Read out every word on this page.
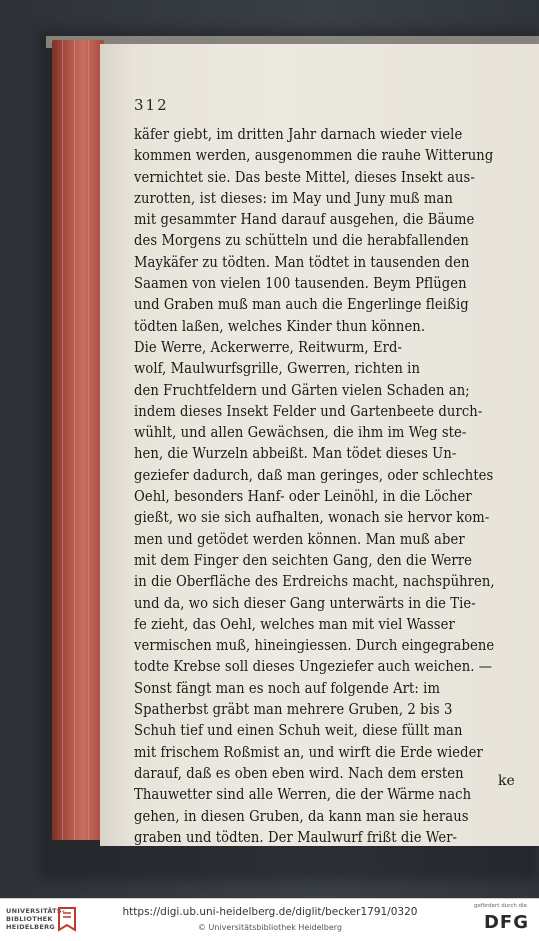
312
käfer giebt, im dritten Jahr darnach wieder viele
kommen werden, ausgenommen die rauhe Witterung
vernichtet sie. Das beste Mittel, dieses Insekt aus-
zurotten, ist dieses: im May und Juny muß man
mit gesammter Hand darauf ausgehen, die Bäume
des Morgens zu schütteln und die herabfallenden
Maykäfer zu tödten. Man tödtet in tausenden den
Saamen von vielen 100 tausenden. Beym Pflügen
und Graben muß man auch die Engerlinge fleißig
tödten laßen, welches Kinder thun können.
Die Werre, Ackerwerre, Reitwurm, Erd-
wolf, Maulwurfsgrille, Gwerren, richten in
den Fruchtfeldern und Gärten vielen Schaden an;
indem dieses Insekt Felder und Gartenbeete durch-
wühlt, und allen Gewächsen, die ihm im Weg ste-
hen, die Wurzeln abbeißt. Man tödet dieses Un-
geziefer dadurch, daß man geringes, oder schlechtes
Oehl, besonders Hanf- oder Leinöhl, in die Löcher
gießt, wo sie sich aufhalten, wonach sie hervor kom-
men und getödet werden können. Man muß aber
mit dem Finger den seichten Gang, den die Werre
in die Oberfläche des Erdreichs macht, nachspühren,
und da, wo sich dieser Gang unterwärts in die Tie-
fe zieht, das Oehl, welches man mit viel Wasser
vermischen muß, hineingiessen. Durch eingegrabene
todte Krebse soll dieses Ungeziefer auch weichen. —
Sonst fängt man es noch auf folgende Art: im
Spatherbst gräbt man mehrere Gruben, 2 bis 3
Schuh tief und einen Schuh weit, diese füllt man
mit frischem Roßmist an, und wirft die Erde wieder
darauf, daß es oben eben wird. Nach dem ersten
Thauwetter sind alle Werren, die der Wärme nach
gehen, in diesen Gruben, da kann man sie heraus
graben und tödten. Der Maulwurf frißt die Wer-
ke
UNIVERSITÄTS-
BIBLIOTHEK
HEIDELBERG
https://digi.ub.uni-heidelberg.de/diglit/becker1791/0320
© Universitätsbibliothek Heidelberg
gefördert durch die
DFG
